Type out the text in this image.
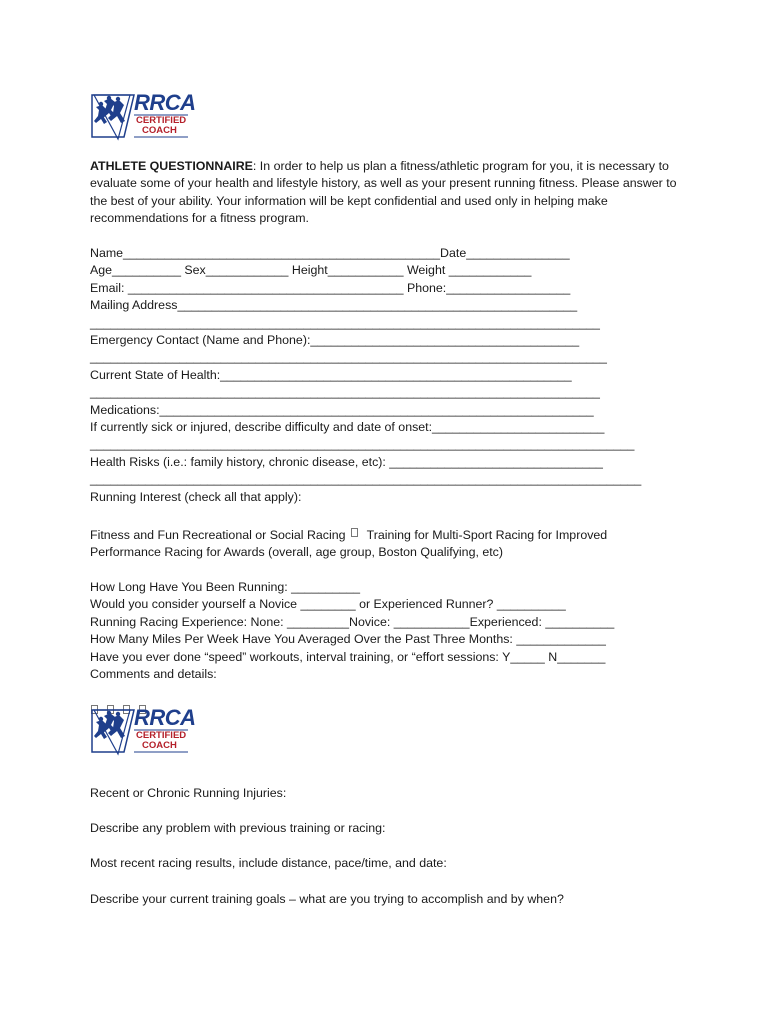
RRCA
CERTIFIED
COACH
ATHLETE QUESTIONNAIRE: In order to help us plan a fitness/athletic program for you, it is necessary to evaluate some of your health and lifestyle history, as well as your present running fitness. Please answer to the best of your ability. Your information will be kept confidential and used only in helping make recommendations for a fitness program.
Name______________________________________________Date_______________
Age__________ Sex____________ Height___________ Weight ____________
Email: ________________________________________ Phone:__________________
Mailing Address__________________________________________________________
__________________________________________________________________________
Emergency Contact (Name and Phone):_______________________________________
___________________________________________________________________________
Current State of Health:___________________________________________________
__________________________________________________________________________
Medications:_______________________________________________________________
If currently sick or injured, describe difficulty and date of onset:_________________________
_______________________________________________________________________________
Health Risks (i.e.: family history, chronic disease, etc): _______________________________
________________________________________________________________________________
Running Interest (check all that apply):
Fitness and Fun Recreational or Social Racing   Training for Multi-Sport Racing for Improved
Performance Racing for Awards (overall, age group, Boston Qualifying, etc)
How Long Have You Been Running: __________
Would you consider yourself a Novice ________ or Experienced Runner? __________
Running Racing Experience: None: _________Novice: ___________Experienced: __________
How Many Miles Per Week Have You Averaged Over the Past Three Months: _____________
Have you ever done “speed” workouts, interval training, or “effort sessions: Y_____ N_______
Comments and details:
RRCA
CERTIFIED
COACH
Recent or Chronic Running Injuries:
Describe any problem with previous training or racing:
Most recent racing results, include distance, pace/time, and date:
Describe your current training goals – what are you trying to accomplish and by when?
